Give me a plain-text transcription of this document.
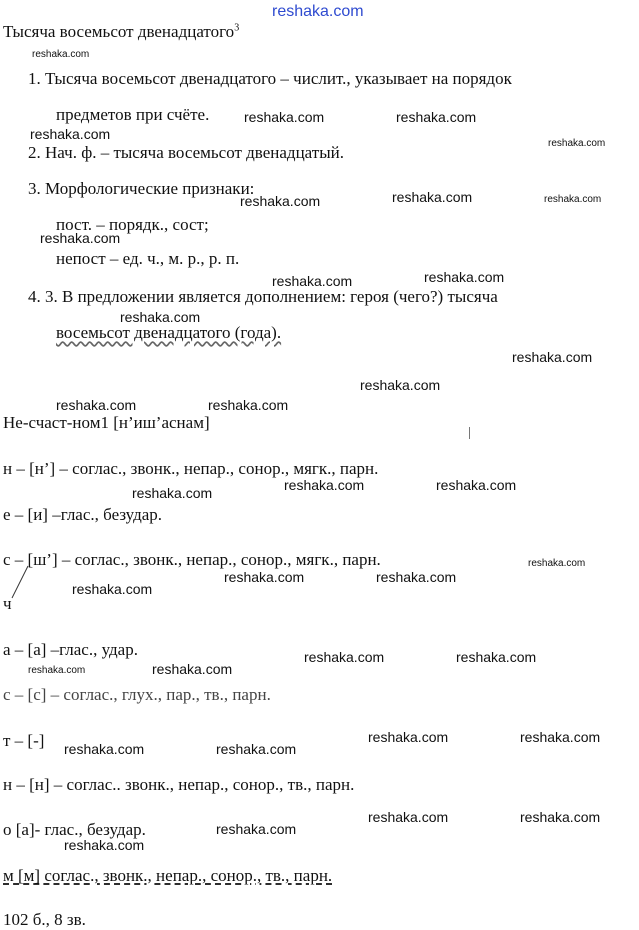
reshaka.com
Тысяча восемьсот двенадцатого$^3$
1. Тысяча восемьсот двенадцатого – числит., указывает на порядок
предметов при счёте.
2. Нач. ф. – тысяча восемьсот двенадцатый.
3. Морфологические признаки:
пост. – порядк., сост;
непост – ед. ч., м. р., р. п.
4. 3. В предложении является дополнением: героя (чего?) тысяча
восемьсот двенадцатого (года).
Не-счаст-ном1 [н’иш’аснам]
н – [н’] – соглас., звонк., непар., сонор., мягк., парн.
е – [и] –глас., безудар.
с – [ш’] – соглас., звонк., непар., сонор., мягк., парн.
ч
а – [а] –глас., удар.
с – [с] – соглас., глух., пар., тв., парн.
т – [-]
н – [н] – соглас.. звонк., непар., сонор., тв., парн.
о [а]- глас., безудар.
м [м] соглас., звонк., непар., сонор., тв., парн.
102 б., 8 зв.
reshaka.com
reshaka.com	reshaka.com
reshaka.com
reshaka.com
reshaka.com
reshaka.com	reshaka.com
reshaka.com
reshaka.com
reshaka.com
reshaka.com
reshaka.com
reshaka.com
reshaka.com	reshaka.com
reshaka.com	reshaka.com
reshaka.com
reshaka.com
reshaka.com	reshaka.com
reshaka.com
reshaka.com	reshaka.com
reshaka.com
reshaka.com
reshaka.com	reshaka.com
reshaka.com	reshaka.com
reshaka.com	reshaka.com
reshaka.com
reshaka.com
